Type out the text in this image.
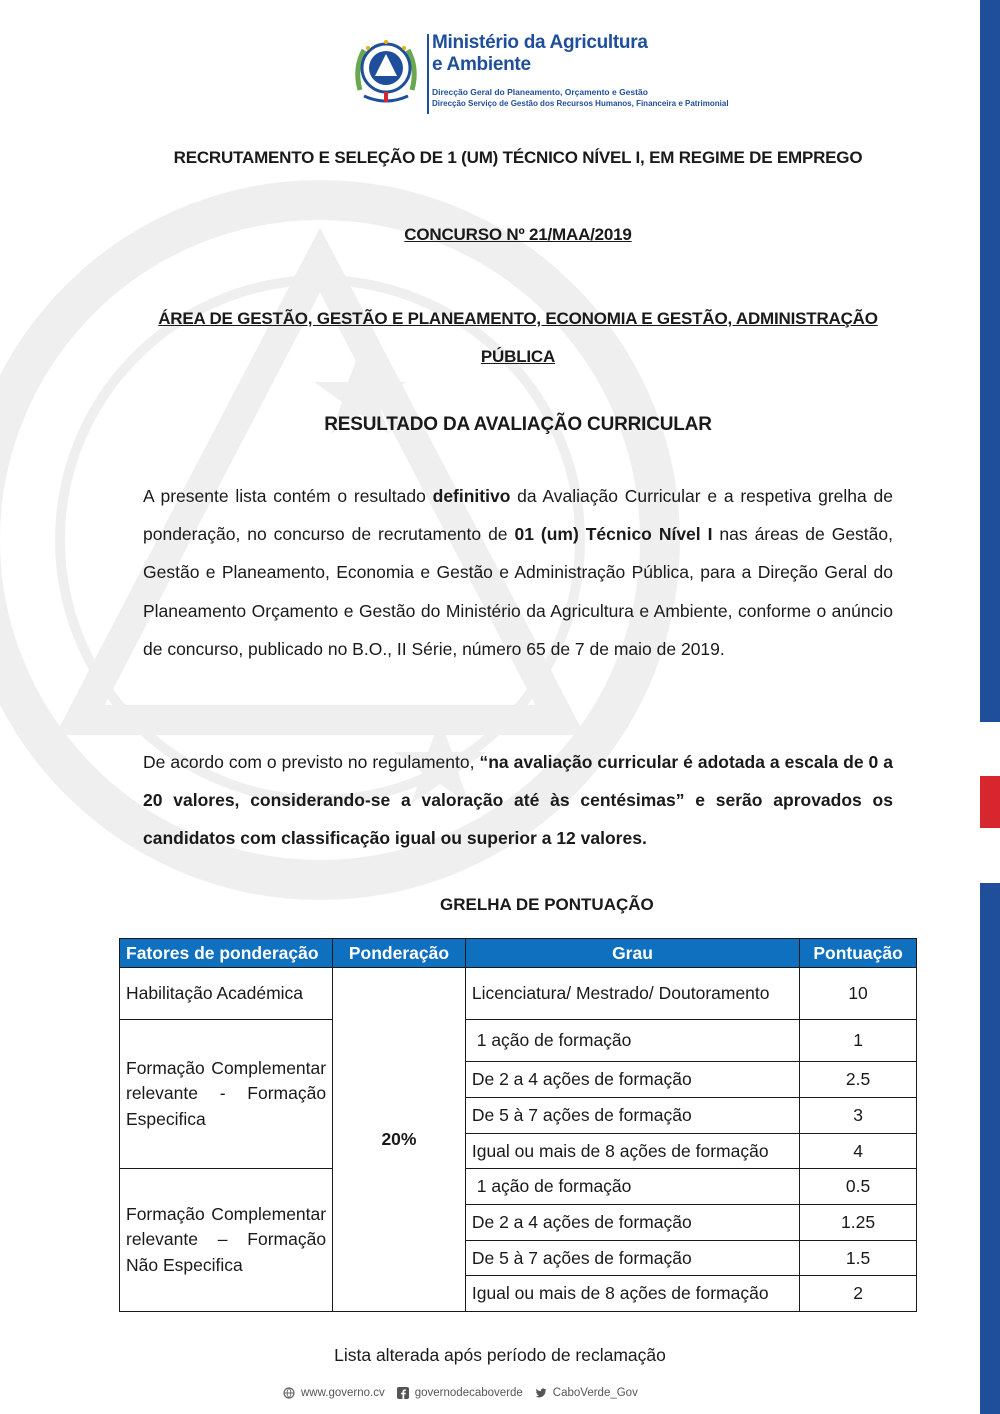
Ministério da Agricultura
e Ambiente
Direcção Geral do Planeamento, Orçamento e Gestão
Direcção Serviço de Gestão dos Recursos Humanos, Financeira e Patrimonial
RECRUTAMENTO E SELEÇÃO DE 1 (UM) TÉCNICO NÍVEL I, EM REGIME DE EMPREGO
CONCURSO Nº 21/MAA/2019
ÁREA DE GESTÃO, GESTÃO E PLANEAMENTO, ECONOMIA E GESTÃO, ADMINISTRAÇÃO PÚBLICA
RESULTADO DA AVALIAÇÃO CURRICULAR
A presente lista contém o resultado definitivo da Avaliação Curricular e a respetiva grelha de ponderação, no concurso de recrutamento de 01 (um) Técnico Nível I nas áreas de Gestão, Gestão e Planeamento, Economia e Gestão e Administração Pública, para a Direção Geral do Planeamento Orçamento e Gestão do Ministério da Agricultura e Ambiente, conforme o anúncio de concurso, publicado no B.O., II Série, número 65 de 7 de maio de 2019.
De acordo com o previsto no regulamento, “na avaliação curricular é adotada a escala de 0 a 20 valores, considerando-se a valoração até às centésimas” e serão aprovados os candidatos com classificação igual ou superior a 12 valores.
GRELHA DE PONTUAÇÃO
Fatores de ponderação	Ponderação	Grau	Pontuação
Habilitação Académica	20%	Licenciatura/ Mestrado/ Doutoramento	10
Formação Complementar relevante - Formação Especifica		1 ação de formação	1
		De 2 a 4 ações de formação	2.5
		De 5 à 7 ações de formação	3
		Igual ou mais de 8 ações de formação	4
Formação Complementar relevante – Formação Não Especifica		1 ação de formação	0.5
		De 2 a 4 ações de formação	1.25
		De 5 à 7 ações de formação	1.5
		Igual ou mais de 8 ações de formação	2
Lista alterada após período de reclamação
www.governo.cv	governodecaboverde	CaboVerde_Gov
